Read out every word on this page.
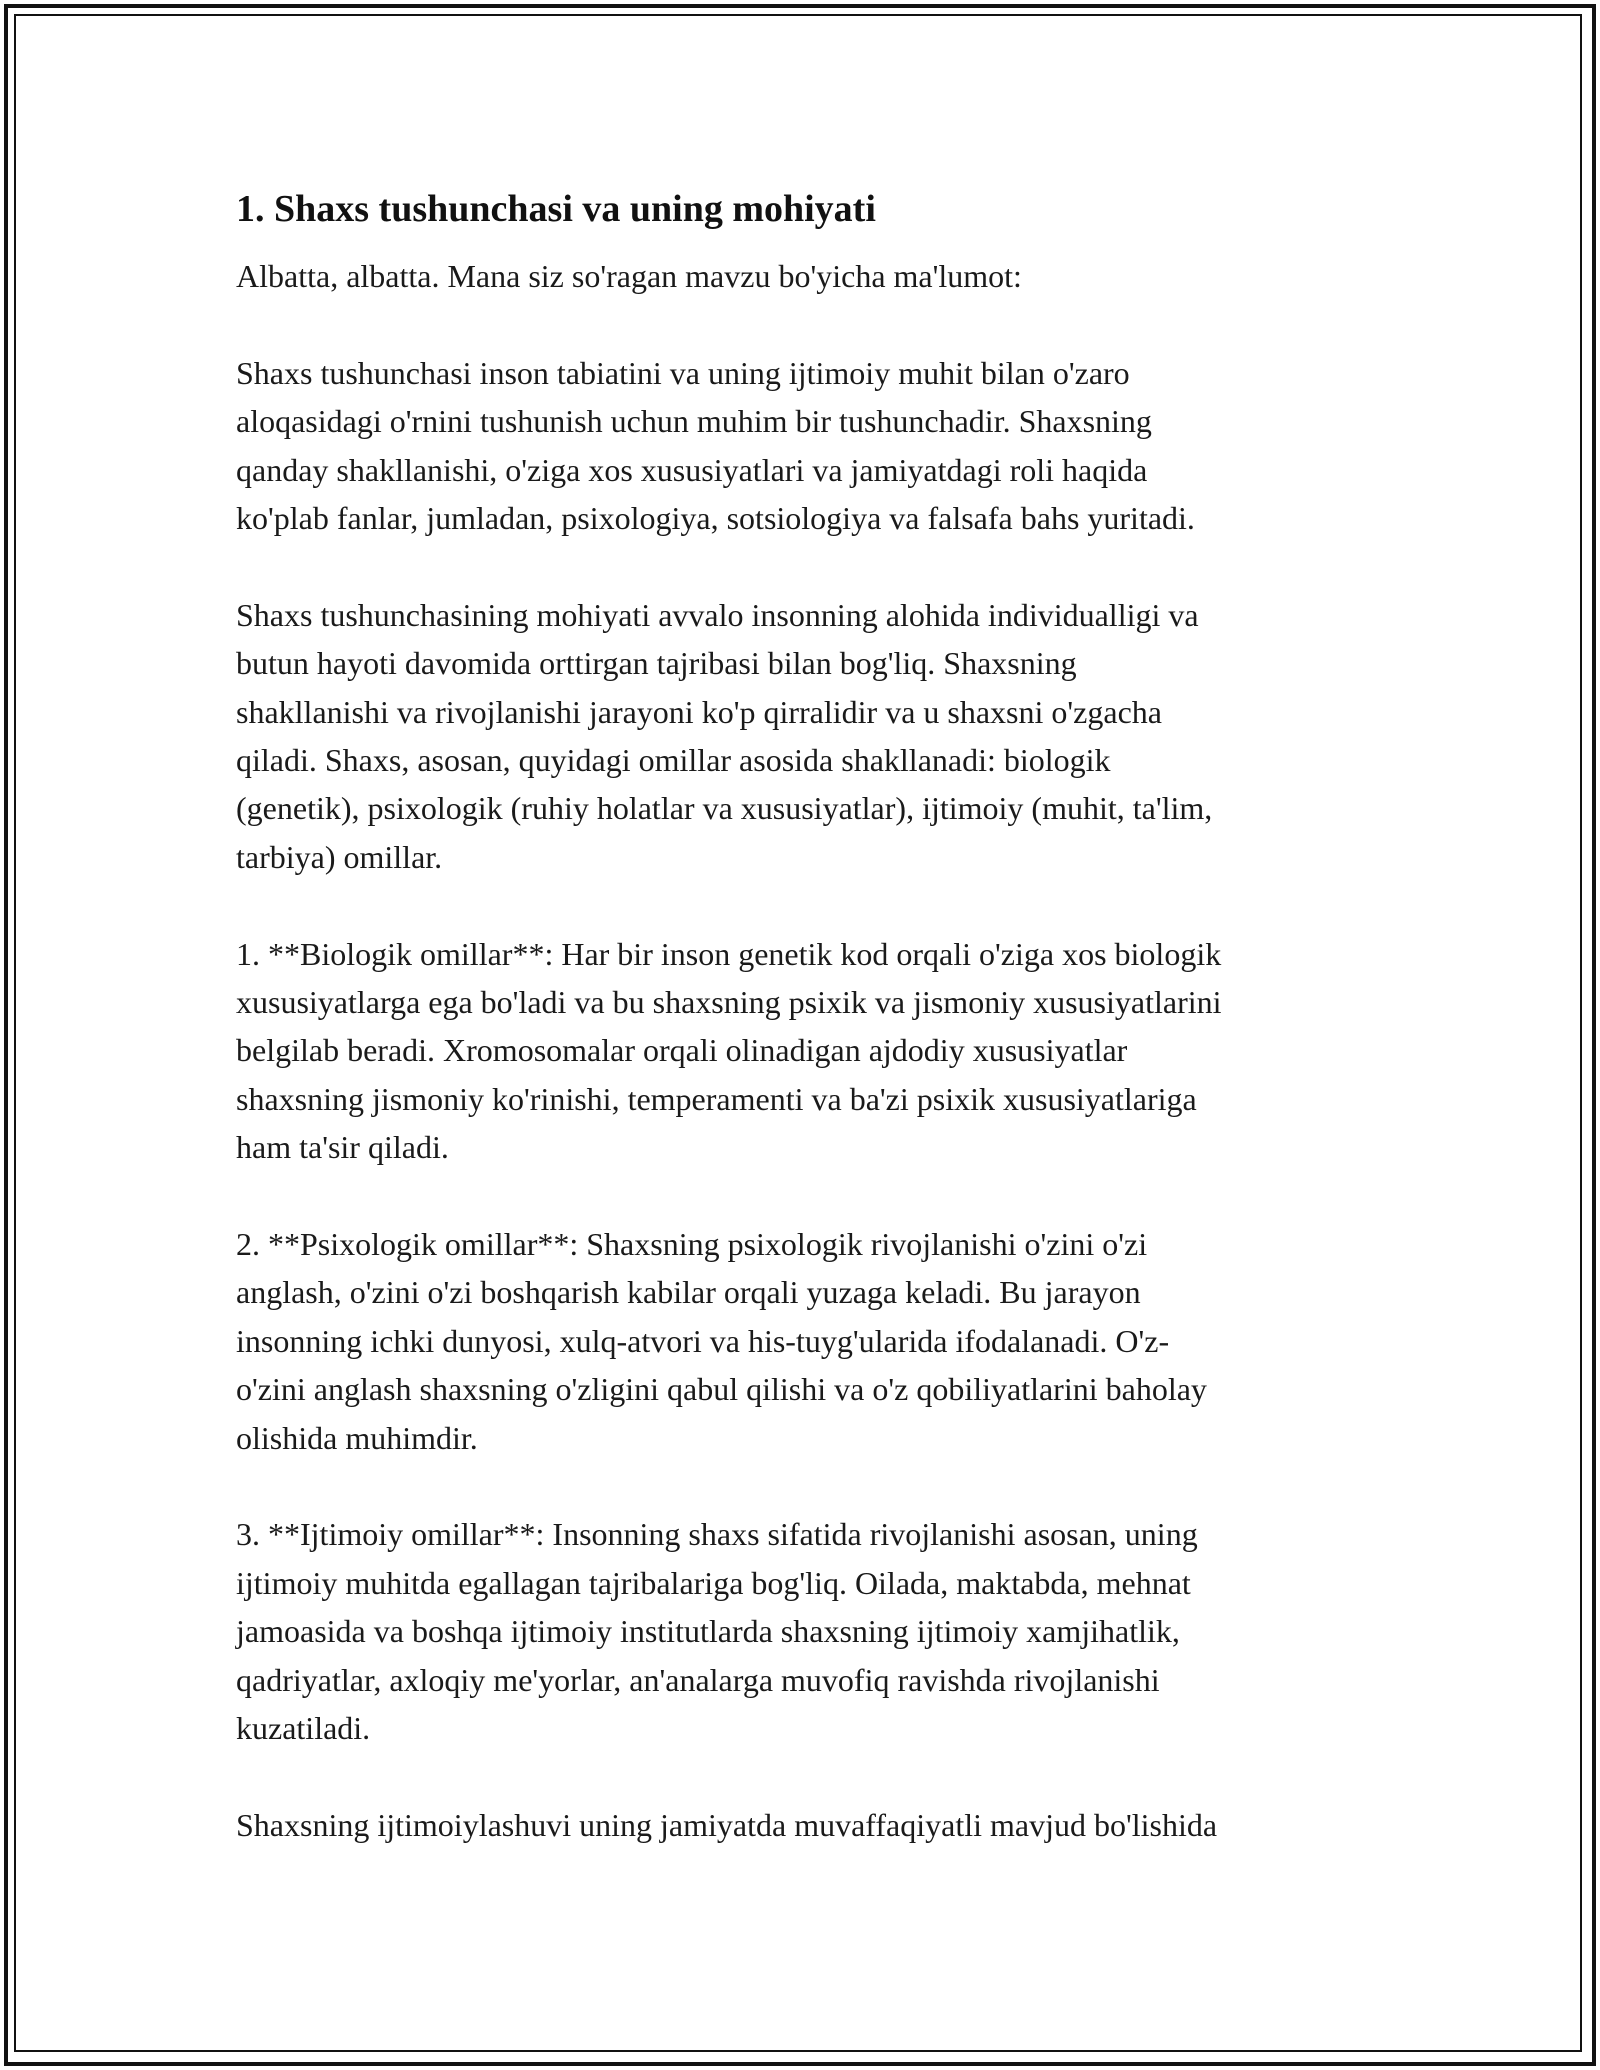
1. Shaxs tushunchasi va uning mohiyati
Albatta, albatta. Mana siz so'ragan mavzu bo'yicha ma'lumot:
Shaxs tushunchasi inson tabiatini va uning ijtimoiy muhit bilan o'zaro
aloqasidagi o'rnini tushunish uchun muhim bir tushunchadir. Shaxsning
qanday shakllanishi, o'ziga xos xususiyatlari va jamiyatdagi roli haqida
ko'plab fanlar, jumladan, psixologiya, sotsiologiya va falsafa bahs yuritadi.
Shaxs tushunchasining mohiyati avvalo insonning alohida individualligi va
butun hayoti davomida orttirgan tajribasi bilan bog'liq. Shaxsning
shakllanishi va rivojlanishi jarayoni ko'p qirralidir va u shaxsni o'zgacha
qiladi. Shaxs, asosan, quyidagi omillar asosida shakllanadi: biologik
(genetik), psixologik (ruhiy holatlar va xususiyatlar), ijtimoiy (muhit, ta'lim,
tarbiya) omillar.
1. **Biologik omillar**: Har bir inson genetik kod orqali o'ziga xos biologik
xususiyatlarga ega bo'ladi va bu shaxsning psixik va jismoniy xususiyatlarini
belgilab beradi. Xromosomalar orqali olinadigan ajdodiy xususiyatlar
shaxsning jismoniy ko'rinishi, temperamenti va ba'zi psixik xususiyatlariga
ham ta'sir qiladi.
2. **Psixologik omillar**: Shaxsning psixologik rivojlanishi o'zini o'zi
anglash, o'zini o'zi boshqarish kabilar orqali yuzaga keladi. Bu jarayon
insonning ichki dunyosi, xulq-atvori va his-tuyg'ularida ifodalanadi. O'z-
o'zini anglash shaxsning o'zligini qabul qilishi va o'z qobiliyatlarini baholay
olishida muhimdir.
3. **Ijtimoiy omillar**: Insonning shaxs sifatida rivojlanishi asosan, uning
ijtimoiy muhitda egallagan tajribalariga bog'liq. Oilada, maktabda, mehnat
jamoasida va boshqa ijtimoiy institutlarda shaxsning ijtimoiy xamjihatlik,
qadriyatlar, axloqiy me'yorlar, an'analarga muvofiq ravishda rivojlanishi
kuzatiladi.
Shaxsning ijtimoiylashuvi uning jamiyatda muvaffaqiyatli mavjud bo'lishida
